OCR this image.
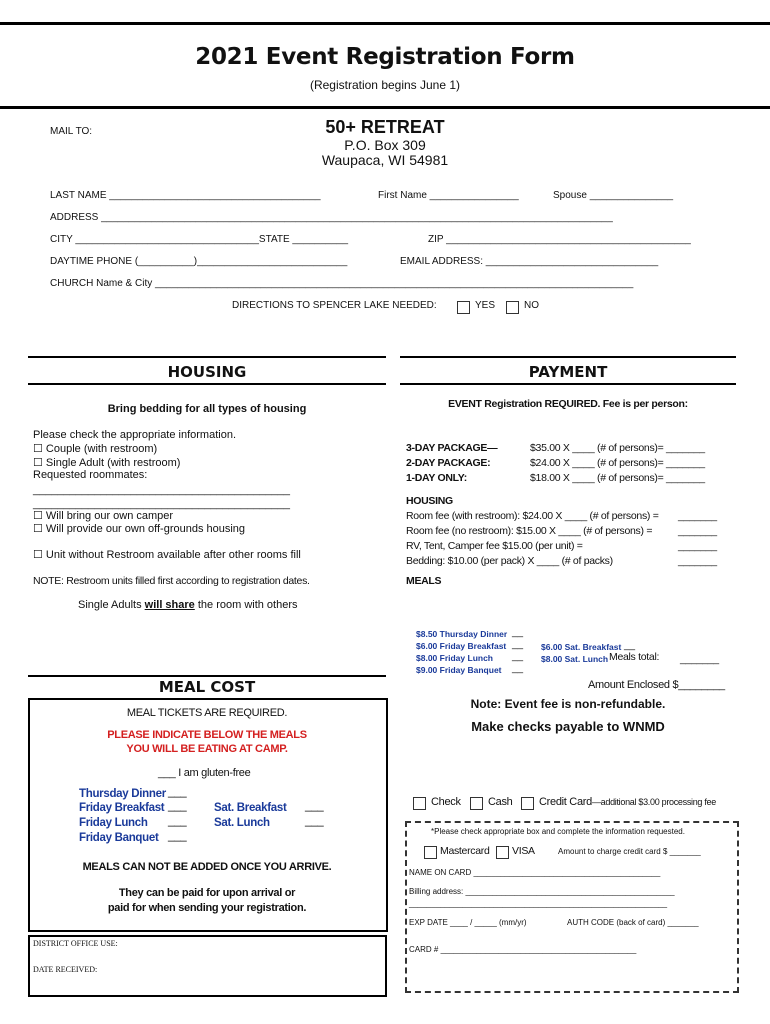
2021 Event Registration Form
(Registration begins June 1)
MAIL TO:	50+ RETREAT
P.O. Box 309
Waupaca, WI 54981
LAST NAME ______________________________________	First Name ________________	Spouse _______________
ADDRESS ____________________________________________________________________________________________
CITY _________________________________STATE __________	ZIP ____________________________________________
DAYTIME PHONE (__________)___________________________	EMAIL ADDRESS: _______________________________
CHURCH Name & City ______________________________________________________________________________________
DIRECTIONS TO SPENCER LAKE NEEDED:	YES	NO
HOUSING
Bring bedding for all types of housing
Please check the appropriate information.
☐ Couple (with restroom)
☐ Single Adult (with restroom)
Requested roommates:
__________________________________________
__________________________________________
☐ Will bring our own camper
☐ Will provide our own off-grounds housing
☐ Unit without Restroom available after other rooms fill
NOTE: Restroom units filled first according to registration dates.
Single Adults will share the room with others
MEAL COST
MEAL TICKETS ARE REQUIRED.
PLEASE INDICATE BELOW THE MEALS
YOU WILL BE EATING AT CAMP.
___ I am gluten-free
Thursday Dinner ___
Friday Breakfast ___
Friday Lunch ___
Friday Banquet ___
Sat. Breakfast ___
Sat. Lunch	___
MEALS CAN NOT BE ADDED ONCE YOU ARRIVE.
They can be paid for upon arrival or
paid for when sending your registration.
DISTRICT OFFICE USE:
DATE RECEIVED:
PAYMENT
EVENT Registration REQUIRED. Fee is per person:
3-DAY PACKAGE—	$35.00 X ____ (# of persons)= _______
2-DAY PACKAGE:	$24.00 X ____ (# of persons)= _______
1-DAY ONLY:	$18.00 X ____ (# of persons)= _______
HOUSING
Room fee (with restroom): $24.00 X ____ (# of persons) = _______
Room fee (no restroom): $15.00 X ____ (# of persons) = _______
RV, Tent, Camper fee $15.00 (per unit) =	_______
Bedding: $10.00 (per pack) X ____ (# of packs)	_______
MEALS
$8.50 Thursday Dinner __
$6.00 Friday Breakfast __
$8.00 Friday Lunch __
$9.00 Friday Banquet __
$6.00 Sat. Breakfast __
$8.00 Sat. Lunch Meals total: _______
Amount Enclosed $________
Note: Event fee is non-refundable.
Make checks payable to WNMD
Check Cash Credit Card—additional $3.00 processing fee
*Please check appropriate box and complete the information requested.
Mastercard VISA	Amount to charge credit card $ _______
NAME ON CARD __________________________________________
Billing address: _______________________________________________
__________________________________________________________
EXP DATE ____ / _____ (mm/yr)	AUTH CODE (back of card) _______
CARD # ____________________________________________
